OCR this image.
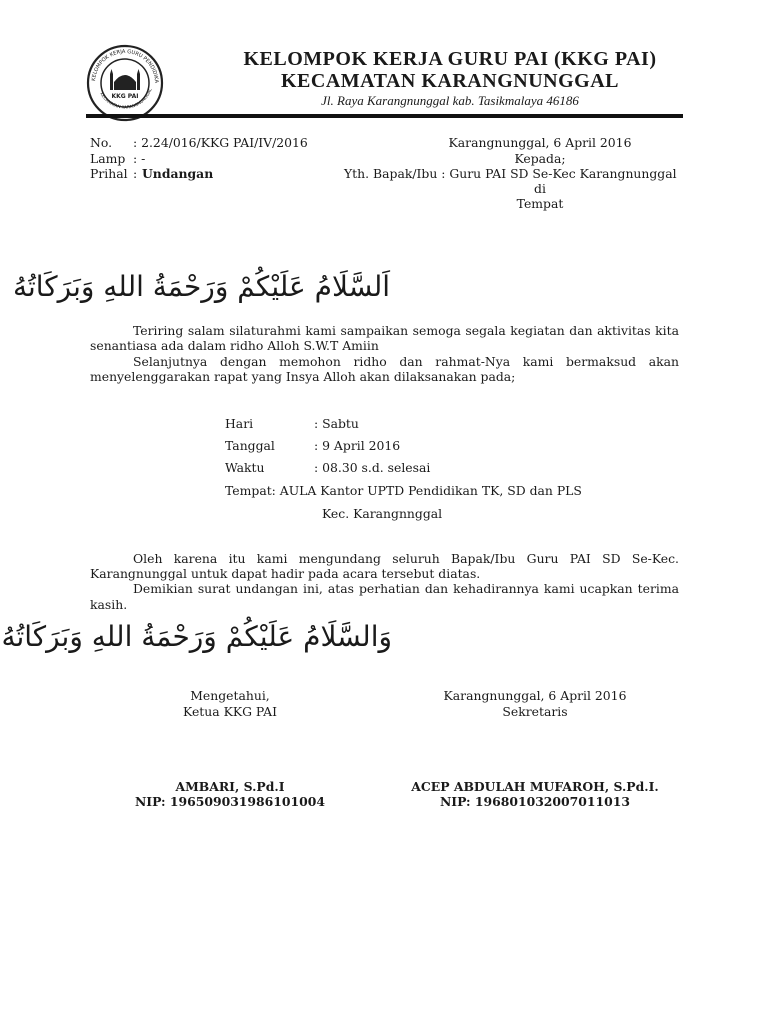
KELOMPOK KERJA GURU PENDIDIKA
KECAMATAN KARANGNUNGGAL
KKG PAI
KELOMPOK KERJA GURU PAI (KKG PAI)
KECAMATAN KARANGNUNGGAL
Jl. Raya Karangnunggal kab. Tasikmalaya 46186
No. : 2.24/016/KKG PAI/IV/2016
Lamp : -
Prihal : Undangan
Karangnunggal, 6 April 2016
Kepada;
Yth. Bapak/Ibu : Guru PAI SD Se-Kec Karangnunggal
di
Tempat
اَلسَّلَامُ عَلَيْكُمْ وَرَحْمَةُ اللهِ وَبَرَكَاتُهُ
Teriring salam silaturahmi kami sampaikan semoga segala kegiatan dan aktivitas kita
senantiasa ada dalam ridho Alloh S.W.T Amiin
Selanjutnya dengan memohon ridho dan rahmat-Nya kami bermaksud akan
menyelenggarakan rapat yang Insya Alloh akan dilaksanakan pada;
Hari	: Sabtu
Tanggal	: 9 April 2016
Waktu	: 08.30 s.d. selesai
Tempat: AULA Kantor UPTD Pendidikan TK, SD dan PLS
Kec. Karangnnggal
Oleh karena itu kami mengundang seluruh Bapak/Ibu Guru PAI SD Se-Kec.
Karangnunggal untuk dapat hadir pada acara tersebut diatas.
Demikian surat undangan ini, atas perhatian dan kehadirannya kami ucapkan terima
kasih.
وَالسَّلَامُ عَلَيْكُمْ وَرَحْمَةُ اللهِ وَبَرَكَاتُهُ
Mengetahui,
Ketua KKG PAI
Karangnunggal, 6 April 2016
Sekretaris
AMBARI, S.Pd.I
NIP: 196509031986101004
ACEP ABDULAH MUFAROH, S.Pd.I.
NIP: 196801032007011013
